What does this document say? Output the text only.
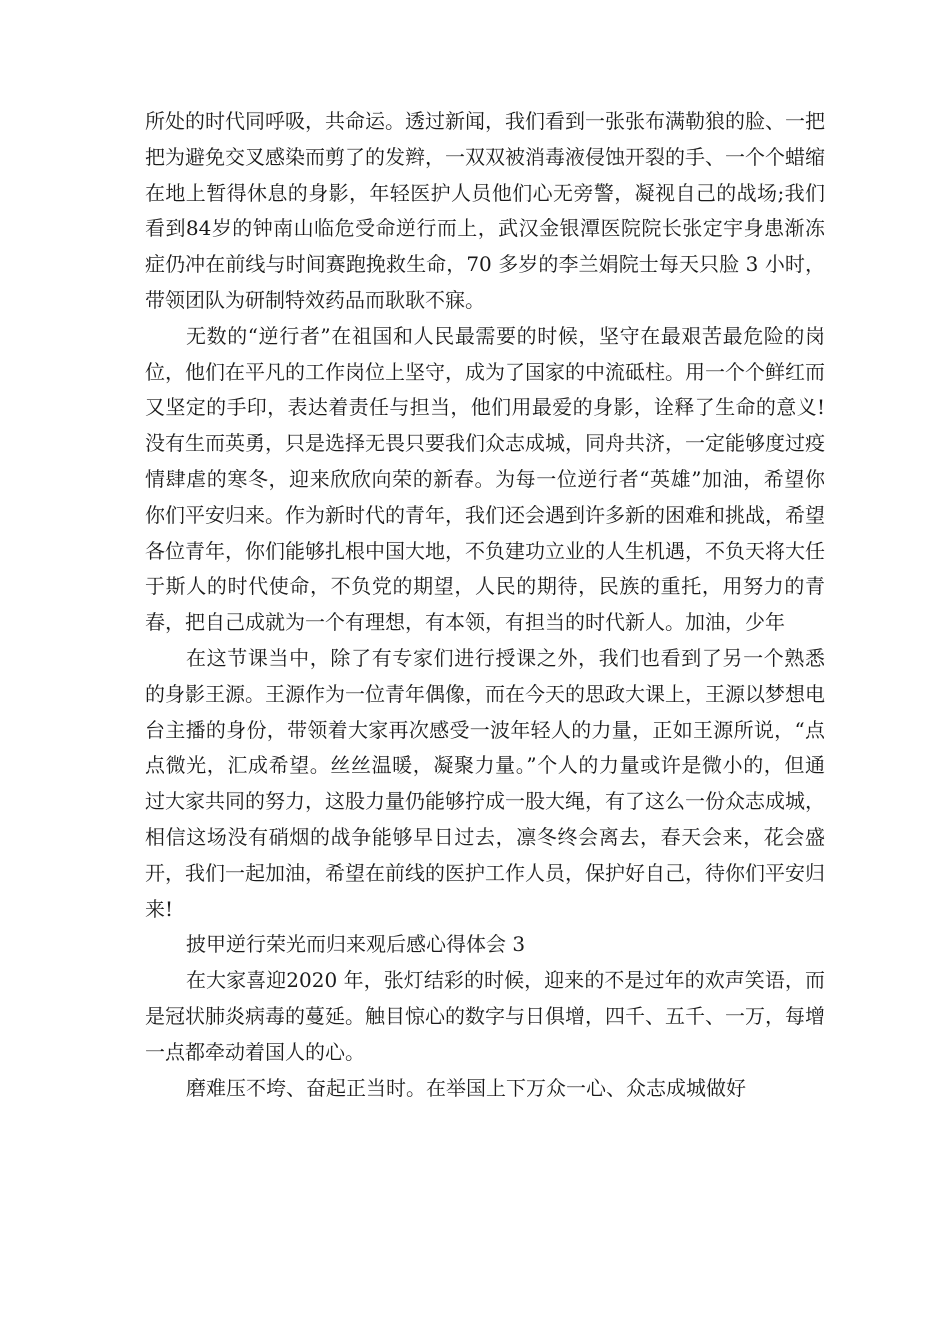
所处的时代同呼吸，共命运。透过新闻，我们看到一张张布满勒狼的脸、一把把为避免交叉感染而剪了的发辫，一双双被消毒液侵蚀开裂的手、一个个蜡缩在地上暂得休息的身影，年轻医护人员他们心无旁警，凝视自己的战场;我们看到84岁的钟南山临危受命逆行而上，武汉金银潭医院院长张定宇身患渐冻症仍冲在前线与时间赛跑挽救生命，70 多岁的李兰娟院士每天只脸 3 小时，带领团队为研制特效药品而耿耿不寐。

无数的“逆行者”在祖国和人民最需要的时候，坚守在最艰苦最危险的岗位，他们在平凡的工作岗位上坚守，成为了国家的中流砥柱。用一个个鲜红而又坚定的手印，表达着责任与担当，他们用最爱的身影，诠释了生命的意义!没有生而英勇，只是选择无畏只要我们众志成城，同舟共济，一定能够度过疫情肆虐的寒冬，迎来欣欣向荣的新春。为每一位逆行者“英雄”加油，希望你你们平安归来。作为新时代的青年，我们还会遇到许多新的困难和挑战，希望各位青年，你们能够扎根中国大地，不负建功立业的人生机遇，不负天将大任于斯人的时代使命，不负党的期望，人民的期待，民族的重托，用努力的青春，把自己成就为一个有理想，有本领，有担当的时代新人。加油，少年

在这节课当中，除了有专家们进行授课之外，我们也看到了另一个熟悉的身影王源。王源作为一位青年偶像，而在今天的思政大课上，王源以梦想电台主播的身份，带领着大家再次感受一波年轻人的力量，正如王源所说，“点点微光，汇成希望。丝丝温暖，凝聚力量。”个人的力量或许是微小的，但通过大家共同的努力，这股力量仍能够拧成一股大绳，有了这么一份众志成城，相信这场没有硝烟的战争能够早日过去，凛冬终会离去，春天会来，花会盛开，我们一起加油，希望在前线的医护工作人员，保护好自己，待你们平安归来!

披甲逆行荣光而归来观后感心得体会 3

在大家喜迎2020 年，张灯结彩的时候，迎来的不是过年的欢声笑语，而是冠状肺炎病毒的蔓延。触目惊心的数字与日俱增，四千、五千、一万，每增一点都牵动着国人的心。

磨难压不垮、奋起正当时。在举国上下万众一心、众志成城做好
